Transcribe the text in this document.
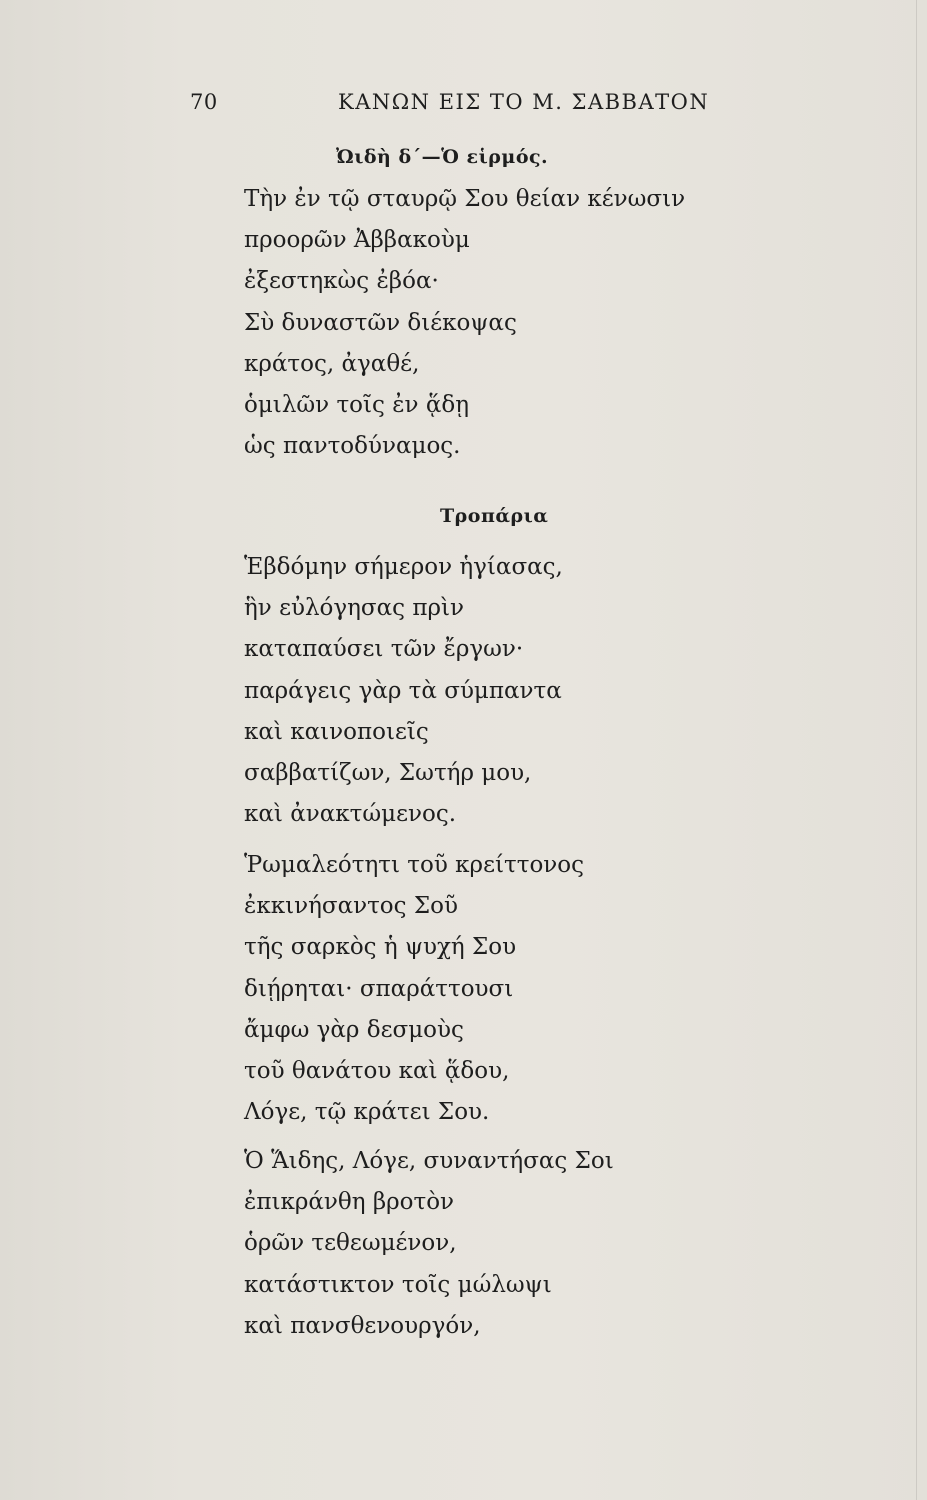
70	ΚΑΝΩΝ ΕΙΣ ΤΟ Μ. ΣΑΒΒΑΤΟΝ
Ὠιδὴ δ΄—Ὁ εἱρμός.
Τὴν ἐν τῷ σταυρῷ Σου θείαν κένωσιν
προορῶν Ἀββακοὺμ
ἐξεστηκὼς ἐβόα·
Σὺ δυναστῶν διέκοψας
κράτος, ἀγαθέ,
ὁμιλῶν τοῖς ἐν ᾅδῃ
ὡς παντοδύναμος.
Τροπάρια
Ἑβδόμην σήμερον ἡγίασας,
ἣν εὐλόγησας πρὶν
καταπαύσει τῶν ἔργων·
παράγεις γὰρ τὰ σύμπαντα
καὶ καινοποιεῖς
σαββατίζων, Σωτήρ μου,
καὶ ἀνακτώμενος.
Ῥωμαλεότητι τοῦ κρείττονος
ἐκκινήσαντος Σοῦ
τῆς σαρκὸς ἡ ψυχή Σου
διῄρηται· σπαράττουσι
ἄμφω γὰρ δεσμοὺς
τοῦ θανάτου καὶ ᾅδου,
Λόγε, τῷ κράτει Σου.
Ὁ Ἅιδης, Λόγε, συναντήσας Σοι
ἐπικράνθη βροτὸν
ὁρῶν τεθεωμένον,
κατάστικτον τοῖς μώλωψι
καὶ πανσθενουργόν,
